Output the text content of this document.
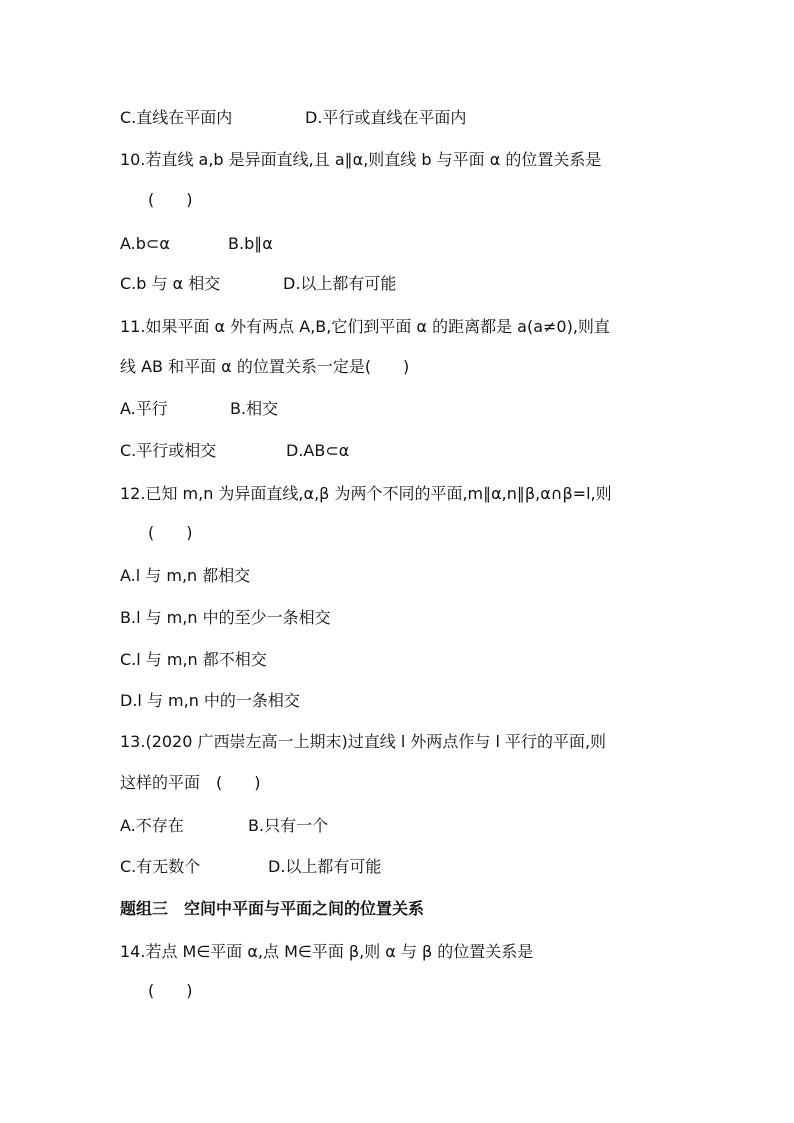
C.直线在平面内	D.平行或直线在平面内
10.若直线 a,b 是异面直线,且 a∥α,则直线 b 与平面 α 的位置关系是
(　　)
A.b⊂α	B.b∥α
C.b 与 α 相交	D.以上都有可能
11.如果平面 α 外有两点 A,B,它们到平面 α 的距离都是 a(a≠0),则直
线 AB 和平面 α 的位置关系一定是(　　)
A.平行	B.相交
C.平行或相交	D.AB⊂α
12.已知 m,n 为异面直线,α,β 为两个不同的平面,m∥α,n∥β,α∩β=l,则
(　　)
A.l 与 m,n 都相交
B.l 与 m,n 中的至少一条相交
C.l 与 m,n 都不相交
D.l 与 m,n 中的一条相交
13.(2020 广西崇左高一上期末)过直线 l 外两点作与 l 平行的平面,则
这样的平面　(　　)
A.不存在	B.只有一个
C.有无数个	D.以上都有可能
题组三　空间中平面与平面之间的位置关系
14.若点 M∈平面 α,点 M∈平面 β,则 α 与 β 的位置关系是
(　　)
